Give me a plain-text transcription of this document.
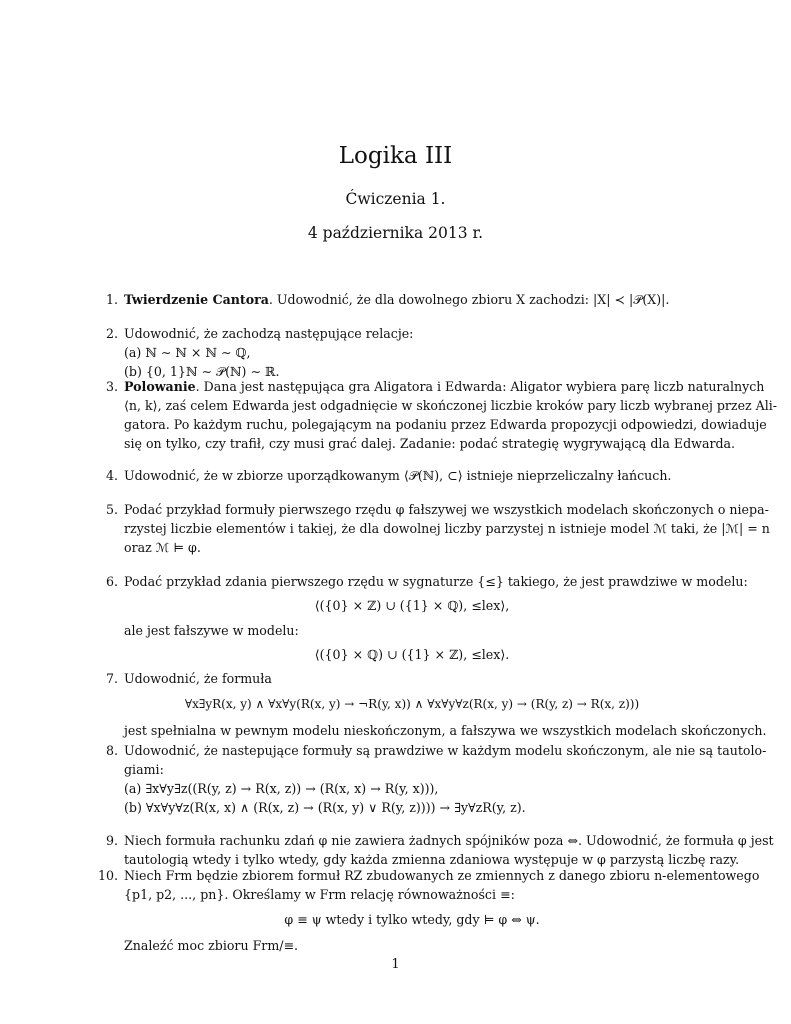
Logika III
Ćwiczenia 1.
4 października 2013 r.
1. Twierdzenie Cantora. Udowodnić, że dla dowolnego zbioru X zachodzi: |X| ≺ |𝒫(X)|.
2. Udowodnić, że zachodzą następujące relacje:
(a) ℕ ∼ ℕ × ℕ ∼ ℚ,
(b) {0, 1}ℕ ∼ 𝒫(ℕ) ∼ ℝ.
3. Polowanie. Dana jest następująca gra Aligatora i Edwarda: Aligator wybiera parę liczb naturalnych
⟨n, k⟩, zaś celem Edwarda jest odgadnięcie w skończonej liczbie kroków pary liczb wybranej przez Ali-
gatora. Po każdym ruchu, polegającym na podaniu przez Edwarda propozycji odpowiedzi, dowiaduje
się on tylko, czy trafił, czy musi grać dalej. Zadanie: podać strategię wygrywającą dla Edwarda.
4. Udowodnić, że w zbiorze uporządkowanym ⟨𝒫(ℕ), ⊂⟩ istnieje nieprzeliczalny łańcuch.
5. Podać przykład formuły pierwszego rzędu φ fałszywej we wszystkich modelach skończonych o niepa-
rzystej liczbie elementów i takiej, że dla dowolnej liczby parzystej n istnieje model ℳ taki, że |ℳ| = n
oraz ℳ ⊨ φ.
6. Podać przykład zdania pierwszego rzędu w sygnaturze {≤} takiego, że jest prawdziwe w modelu:
⟨({0} × ℤ) ∪ ({1} × ℚ), ≤lex⟩,
ale jest fałszywe w modelu:
⟨({0} × ℚ) ∪ ({1} × ℤ), ≤lex⟩.
7. Udowodnić, że formuła
∀x∃yR(x, y) ∧ ∀x∀y(R(x, y) → ¬R(y, x)) ∧ ∀x∀y∀z(R(x, y) → (R(y, z) → R(x, z)))
jest spełnialna w pewnym modelu nieskończonym, a fałszywa we wszystkich modelach skończonych.
8. Udowodnić, że nastepujące formuły są prawdziwe w każdym modelu skończonym, ale nie są tautolo-
giami:
(a) ∃x∀y∃z((R(y, z) → R(x, z)) → (R(x, x) → R(y, x))),
(b) ∀x∀y∀z(R(x, x) ∧ (R(x, z) → (R(x, y) ∨ R(y, z)))) → ∃y∀zR(y, z).
9. Niech formuła rachunku zdań φ nie zawiera żadnych spójników poza ⇔. Udowodnić, że formuła φ jest
tautologią wtedy i tylko wtedy, gdy każda zmienna zdaniowa występuje w φ parzystą liczbę razy.
10. Niech Frm będzie zbiorem formuł RZ zbudowanych ze zmiennych z danego zbioru n-elementowego
{p1, p2, ..., pn}. Określamy w Frm relację równoważności ≡:
φ ≡ ψ wtedy i tylko wtedy, gdy ⊨ φ ⇔ ψ.
Znaleźć moc zbioru Frm/≡.
1
